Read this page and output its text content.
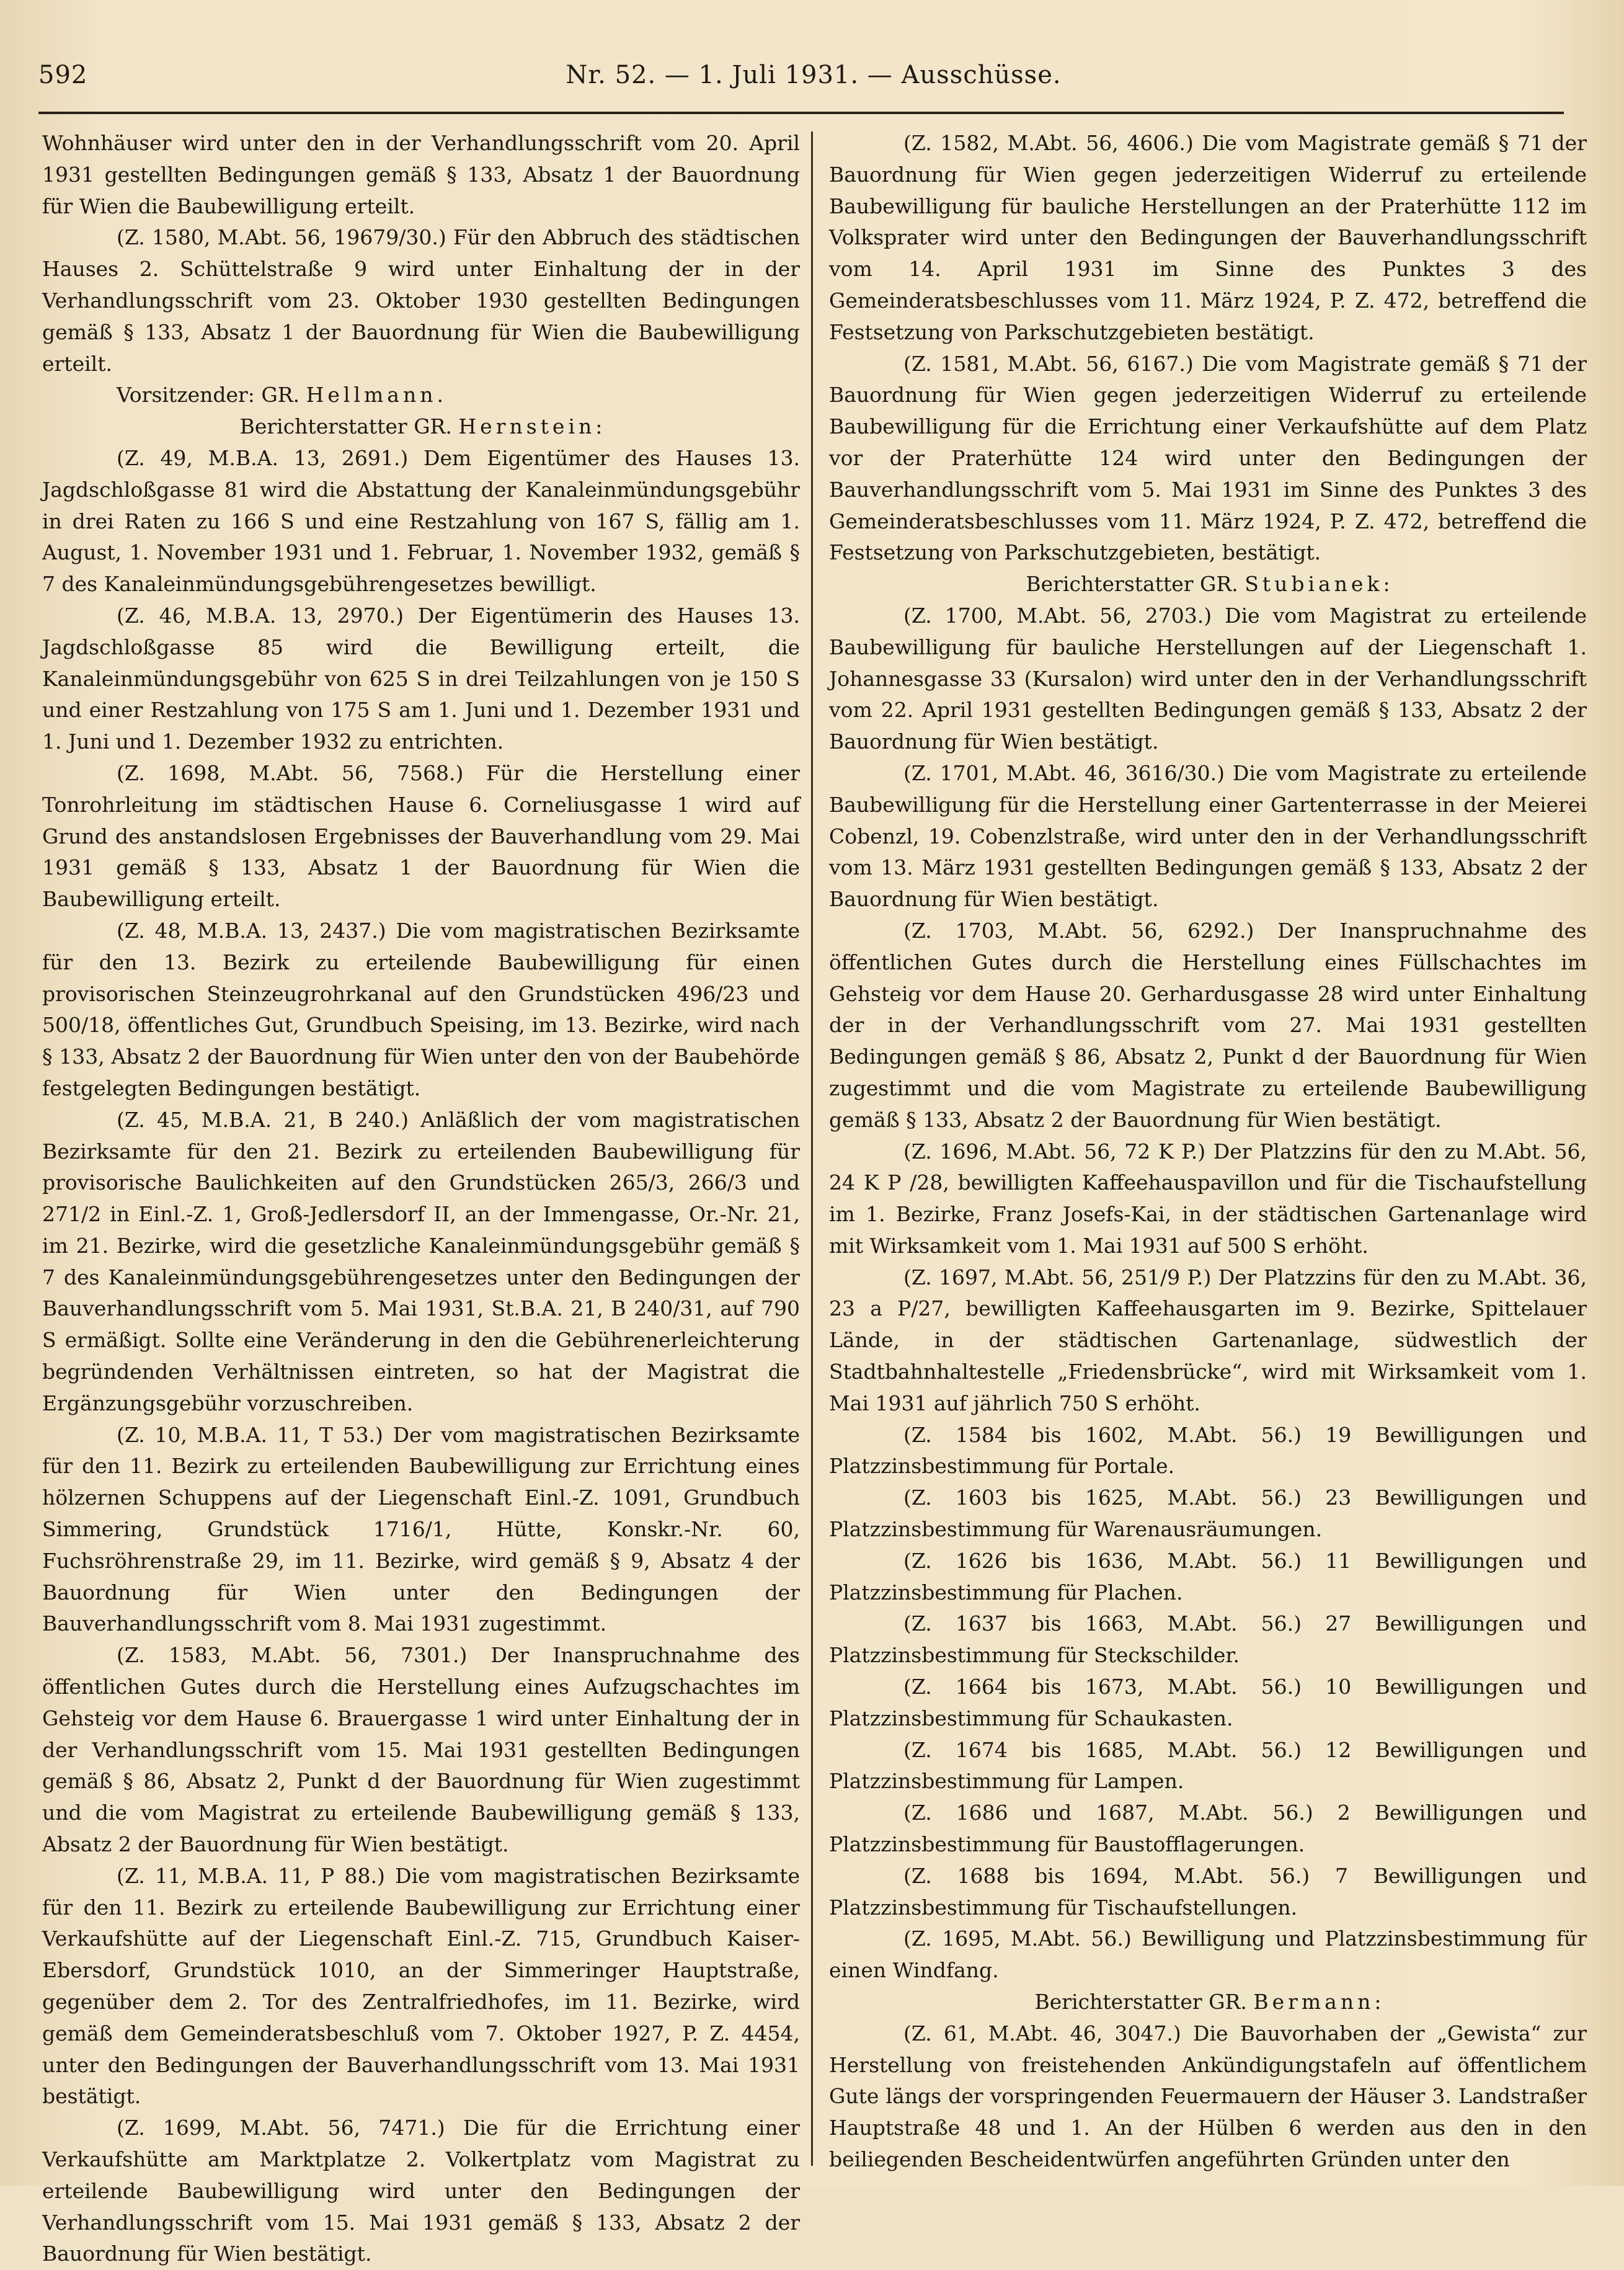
592	Nr. 52. — 1. Juli 1931. — Ausschüsse.

Wohnhäuser wird unter den in der Verhandlungsschrift vom 20. April 1931 gestellten Bedingungen gemäß § 133, Absatz 1 der Bauordnung für Wien die Baubewilligung erteilt.

(Z. 1580, M.Abt. 56, 19679/30.) Für den Abbruch des städtischen Hauses 2. Schüttelstraße 9 wird unter Einhaltung der in der Verhandlungsschrift vom 23. Oktober 1930 gestellten Bedingungen gemäß § 133, Absatz 1 der Bauordnung für Wien die Baubewilligung erteilt.

Vorsitzender: GR. Hellmann.

Berichterstatter GR. Hernstein:

(Z. 49, M.B.A. 13, 2691.) Dem Eigentümer des Hauses 13. Jagdschloßgasse 81 wird die Abstattung der Kanaleinmündungsgebühr in drei Raten zu 166 S und eine Restzahlung von 167 S, fällig am 1. August, 1. November 1931 und 1. Februar, 1. November 1932, gemäß § 7 des Kanaleinmündungsgebührengesetzes bewilligt.

(Z. 46, M.B.A. 13, 2970.) Der Eigentümerin des Hauses 13. Jagdschloßgasse 85 wird die Bewilligung erteilt, die Kanaleinmündungsgebühr von 625 S in drei Teilzahlungen von je 150 S und einer Restzahlung von 175 S am 1. Juni und 1. Dezember 1931 und 1. Juni und 1. Dezember 1932 zu entrichten.

(Z. 1698, M.Abt. 56, 7568.) Für die Herstellung einer Tonrohrleitung im städtischen Hause 6. Corneliusgasse 1 wird auf Grund des anstandslosen Ergebnisses der Bauverhandlung vom 29. Mai 1931 gemäß § 133, Absatz 1 der Bauordnung für Wien die Baubewilligung erteilt.

(Z. 48, M.B.A. 13, 2437.) Die vom magistratischen Bezirksamte für den 13. Bezirk zu erteilende Baubewilligung für einen provisorischen Steinzeugrohrkanal auf den Grundstücken 496/23 und 500/18, öffentliches Gut, Grundbuch Speising, im 13. Bezirke, wird nach § 133, Absatz 2 der Bauordnung für Wien unter den von der Baubehörde festgelegten Bedingungen bestätigt.

(Z. 45, M.B.A. 21, B 240.) Anläßlich der vom magistratischen Bezirksamte für den 21. Bezirk zu erteilenden Baubewilligung für provisorische Baulichkeiten auf den Grundstücken 265/3, 266/3 und 271/2 in Einl.-Z. 1, Groß-Jedlersdorf II, an der Immengasse, Or.-Nr. 21, im 21. Bezirke, wird die gesetzliche Kanaleinmündungsgebühr gemäß § 7 des Kanaleinmündungsgebührengesetzes unter den Bedingungen der Bauverhandlungsschrift vom 5. Mai 1931, St.B.A. 21, B 240/31, auf 790 S ermäßigt. Sollte eine Veränderung in den die Gebührenerleichterung begründenden Verhältnissen eintreten, so hat der Magistrat die Ergänzungsgebühr vorzuschreiben.

(Z. 10, M.B.A. 11, T 53.) Der vom magistratischen Bezirksamte für den 11. Bezirk zu erteilenden Baubewilligung zur Errichtung eines hölzernen Schuppens auf der Liegenschaft Einl.-Z. 1091, Grundbuch Simmering, Grundstück 1716/1, Hütte, Konskr.-Nr. 60, Fuchsröhrenstraße 29, im 11. Bezirke, wird gemäß § 9, Absatz 4 der Bauordnung für Wien unter den Bedingungen der Bauverhandlungsschrift vom 8. Mai 1931 zugestimmt.

(Z. 1583, M.Abt. 56, 7301.) Der Inanspruchnahme des öffentlichen Gutes durch die Herstellung eines Aufzugschachtes im Gehsteig vor dem Hause 6. Brauergasse 1 wird unter Einhaltung der in der Verhandlungsschrift vom 15. Mai 1931 gestellten Bedingungen gemäß § 86, Absatz 2, Punkt d der Bauordnung für Wien zugestimmt und die vom Magistrat zu erteilende Baubewilligung gemäß § 133, Absatz 2 der Bauordnung für Wien bestätigt.

(Z. 11, M.B.A. 11, P 88.) Die vom magistratischen Bezirksamte für den 11. Bezirk zu erteilende Baubewilligung zur Errichtung einer Verkaufshütte auf der Liegenschaft Einl.-Z. 715, Grundbuch Kaiser-Ebersdorf, Grundstück 1010, an der Simmeringer Hauptstraße, gegenüber dem 2. Tor des Zentralfriedhofes, im 11. Bezirke, wird gemäß dem Gemeinderatsbeschluß vom 7. Oktober 1927, P. Z. 4454, unter den Bedingungen der Bauverhandlungsschrift vom 13. Mai 1931 bestätigt.

(Z. 1699, M.Abt. 56, 7471.) Die für die Errichtung einer Verkaufshütte am Marktplatze 2. Volkertplatz vom Magistrat zu erteilende Baubewilligung wird unter den Bedingungen der Verhandlungsschrift vom 15. Mai 1931 gemäß § 133, Absatz 2 der Bauordnung für Wien bestätigt.

(Z. 1582, M.Abt. 56, 4606.) Die vom Magistrate gemäß § 71 der Bauordnung für Wien gegen jederzeitigen Widerruf zu erteilende Baubewilligung für bauliche Herstellungen an der Praterhütte 112 im Volksprater wird unter den Bedingungen der Bauverhandlungsschrift vom 14. April 1931 im Sinne des Punktes 3 des Gemeinderatsbeschlusses vom 11. März 1924, P. Z. 472, betreffend die Festsetzung von Parkschutzgebieten bestätigt.

(Z. 1581, M.Abt. 56, 6167.) Die vom Magistrate gemäß § 71 der Bauordnung für Wien gegen jederzeitigen Widerruf zu erteilende Baubewilligung für die Errichtung einer Verkaufshütte auf dem Platz vor der Praterhütte 124 wird unter den Bedingungen der Bauverhandlungsschrift vom 5. Mai 1931 im Sinne des Punktes 3 des Gemeinderatsbeschlusses vom 11. März 1924, P. Z. 472, betreffend die Festsetzung von Parkschutzgebieten, bestätigt.

Berichterstatter GR. Stubianek:

(Z. 1700, M.Abt. 56, 2703.) Die vom Magistrat zu erteilende Baubewilligung für bauliche Herstellungen auf der Liegenschaft 1. Johannesgasse 33 (Kursalon) wird unter den in der Verhandlungsschrift vom 22. April 1931 gestellten Bedingungen gemäß § 133, Absatz 2 der Bauordnung für Wien bestätigt.

(Z. 1701, M.Abt. 46, 3616/30.) Die vom Magistrate zu erteilende Baubewilligung für die Herstellung einer Gartenterrasse in der Meierei Cobenzl, 19. Cobenzlstraße, wird unter den in der Verhandlungsschrift vom 13. März 1931 gestellten Bedingungen gemäß § 133, Absatz 2 der Bauordnung für Wien bestätigt.

(Z. 1703, M.Abt. 56, 6292.) Der Inanspruchnahme des öffentlichen Gutes durch die Herstellung eines Füllschachtes im Gehsteig vor dem Hause 20. Gerhardusgasse 28 wird unter Einhaltung der in der Verhandlungsschrift vom 27. Mai 1931 gestellten Bedingungen gemäß § 86, Absatz 2, Punkt d der Bauordnung für Wien zugestimmt und die vom Magistrate zu erteilende Baubewilligung gemäß § 133, Absatz 2 der Bauordnung für Wien bestätigt.

(Z. 1696, M.Abt. 56, 72 K P.) Der Platzzins für den zu M.Abt. 56, 24 K P /28, bewilligten Kaffeehauspavillon und für die Tischaufstellung im 1. Bezirke, Franz Josefs-Kai, in der städtischen Gartenanlage wird mit Wirksamkeit vom 1. Mai 1931 auf 500 S erhöht.

(Z. 1697, M.Abt. 56, 251/9 P.) Der Platzzins für den zu M.Abt. 36, 23 a P/27, bewilligten Kaffeehausgarten im 9. Bezirke, Spittelauer Lände, in der städtischen Gartenanlage, südwestlich der Stadtbahnhaltestelle „Friedensbrücke“, wird mit Wirksamkeit vom 1. Mai 1931 auf jährlich 750 S erhöht.

(Z. 1584 bis 1602, M.Abt. 56.) 19 Bewilligungen und Platzzinsbestimmung für Portale.

(Z. 1603 bis 1625, M.Abt. 56.) 23 Bewilligungen und Platzzinsbestimmung für Warenausräumungen.

(Z. 1626 bis 1636, M.Abt. 56.) 11 Bewilligungen und Platzzinsbestimmung für Plachen.

(Z. 1637 bis 1663, M.Abt. 56.) 27 Bewilligungen und Platzzinsbestimmung für Steckschilder.

(Z. 1664 bis 1673, M.Abt. 56.) 10 Bewilligungen und Platzzinsbestimmung für Schaukasten.

(Z. 1674 bis 1685, M.Abt. 56.) 12 Bewilligungen und Platzzinsbestimmung für Lampen.

(Z. 1686 und 1687, M.Abt. 56.) 2 Bewilligungen und Platzzinsbestimmung für Baustofflagerungen.

(Z. 1688 bis 1694, M.Abt. 56.) 7 Bewilligungen und Platzzinsbestimmung für Tischaufstellungen.

(Z. 1695, M.Abt. 56.) Bewilligung und Platzzinsbestimmung für einen Windfang.

Berichterstatter GR. Bermann:

(Z. 61, M.Abt. 46, 3047.) Die Bauvorhaben der „Gewista“ zur Herstellung von freistehenden Ankündigungstafeln auf öffentlichem Gute längs der vorspringenden Feuermauern der Häuser 3. Landstraßer Hauptstraße 48 und 1. An der Hülben 6 werden aus den in den beiliegenden Bescheidentwürfen angeführten Gründen unter den
